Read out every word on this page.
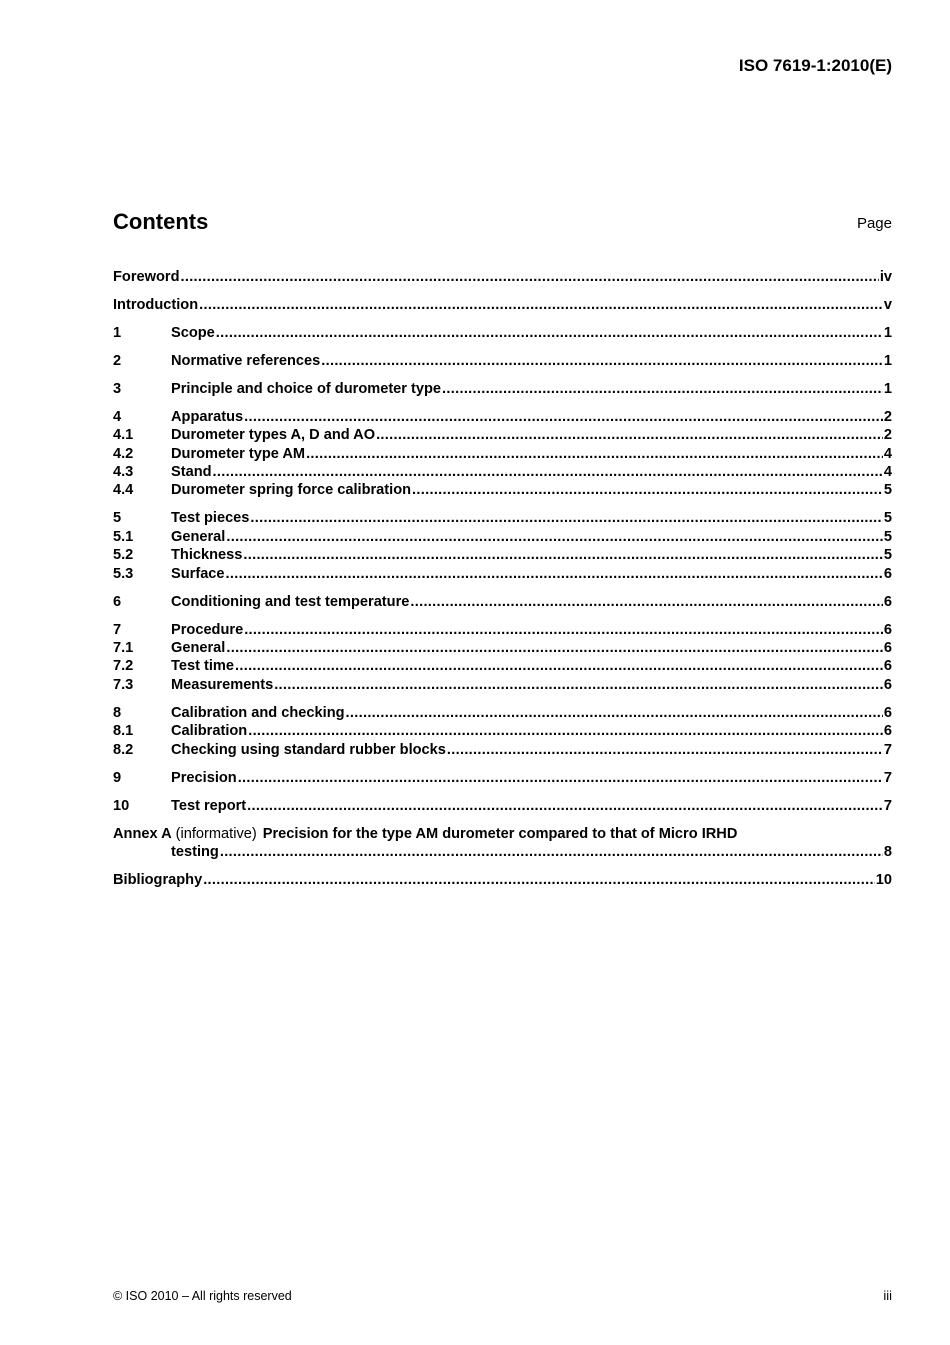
ISO 7619-1:2010(E)
Contents	Page
Foreword .....	iv
Introduction .....	v
1	Scope .....	1
2	Normative references .....	1
3	Principle and choice of durometer type .....	1
4	Apparatus .....	2
4.1	Durometer types A, D and AO .....	2
4.2	Durometer type AM .....	4
4.3	Stand .....	4
4.4	Durometer spring force calibration .....	5
5	Test pieces .....	5
5.1	General .....	5
5.2	Thickness .....	5
5.3	Surface .....	6
6	Conditioning and test temperature .....	6
7	Procedure .....	6
7.1	General .....	6
7.2	Test time .....	6
7.3	Measurements .....	6
8	Calibration and checking .....	6
8.1	Calibration .....	6
8.2	Checking using standard rubber blocks .....	7
9	Precision .....	7
10	Test report .....	7
Annex A (informative) Precision for the type AM durometer compared to that of Micro IRHD
testing .....	8
Bibliography .....	10
© ISO 2010 – All rights reserved	iii
